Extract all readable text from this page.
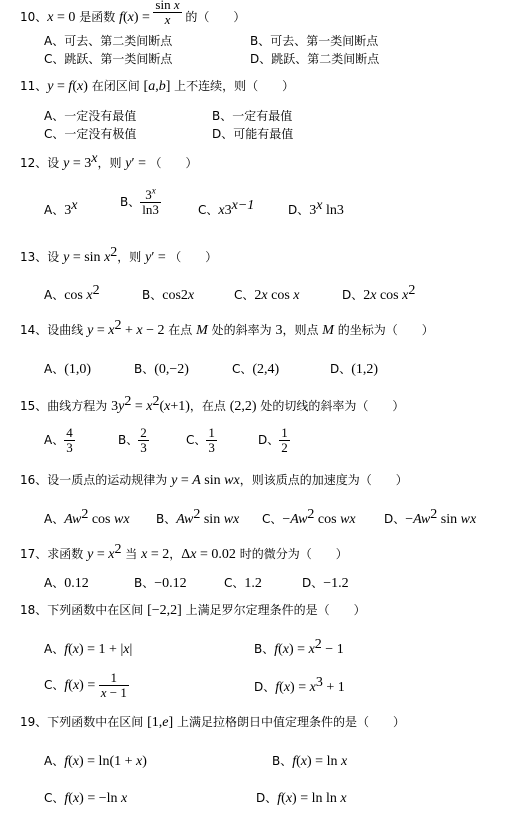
10、x = 0 是函数 $f(x) = \frac{\text{sin x}}{x}$ 的（　　）
A、可去、第二类间断点	B、可去、第一类间断点
C、跳跃、第一类间断点	D、跳跃、第二类间断点
11、y = f(x) 在闭区间 [a,b] 上不连续，则（　　）
A、一定没有最值	B、一定有最值
C、一定没有极值	D、可能有最值
12、设 $y = 3^x$，则 y′ = （　　）
A、3$^x$	B、 $\frac{3^x}{\ln 3}$	C、$x3^{x-1}$	D、3$^x$ ln3
13、设 $y = \sin x^2$，则 y′ = （　　）
A、$\cos x^2$	B、cos2x	C、2x cos x	D、2x $\cos x^2$
14、设曲线 $y = x^2 + x - 2$ 在点 M 处的斜率为 3，则点 M 的坐标为（　　）
A、(1,0)	B、(0,−2)	C、(2,4)	D、(1,2)
15、曲线方程为 $3y^2 = x^2(x+1)$，在点 (2,2) 处的切线的斜率为（　　）
A、 $\frac{4}{3}$	B、 $\frac{2}{3}$	C、 $\frac{1}{3}$	D、 $\frac{1}{2}$
16、设一质点的运动规律为 y = A sin wx，则该质点的加速度为（　　）
A、Aw$^2$ cos wx B、Aw$^2$ sin wx C、$-Aw^2$ cos wx D、$-Aw^2$ sin wx
17、求函数 $y = x^2$ 当 x = 2，Δx = 0.02 时的微分为（　　）
A、0.12	B、−0.12	C、1.2	D、−1.2
18、下列函数中在区间 [−2,2] 上满足罗尔定理条件的是（　　）
A、f(x) = 1 + |x|	B、$f(x) = x^2 - 1$
C、$f(x) = \frac{1}{x - 1}$	D、$f(x) = x^3 + 1$
19、下列函数中在区间 [1,e] 上满足拉格朗日中值定理条件的是（　　）
A、f(x) = ln(1 + x)	B、f(x) = ln x
C、f(x) = −ln x	D、f(x) = ln ln x
